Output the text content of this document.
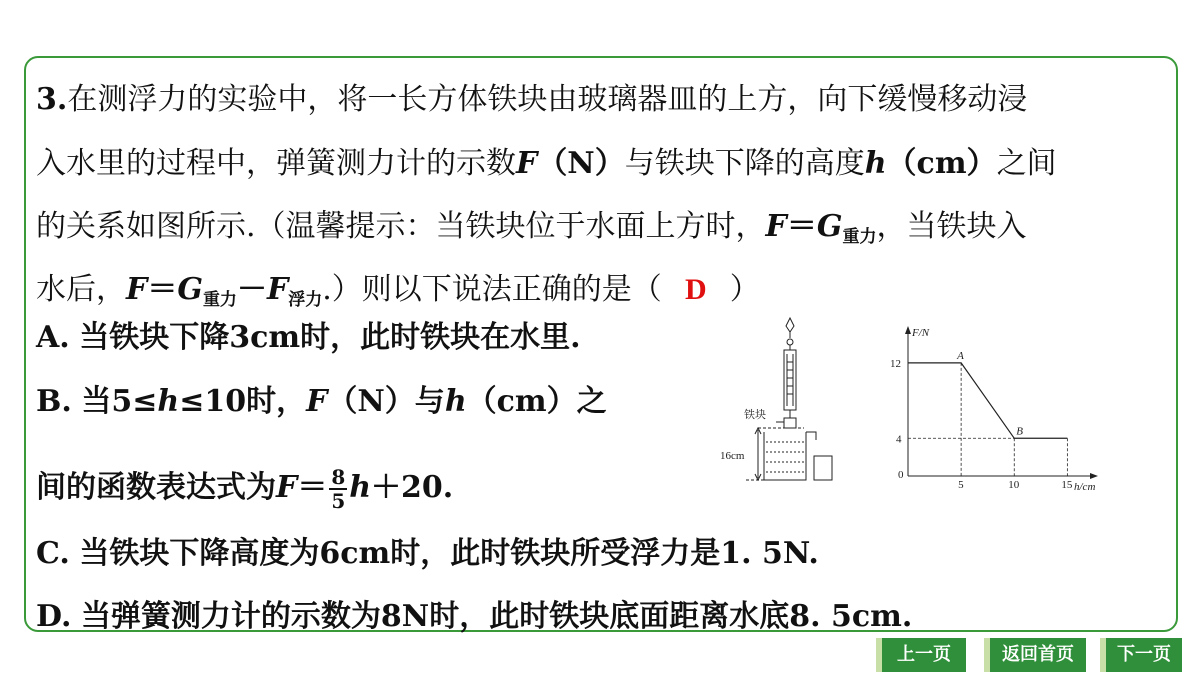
3.在测浮力的实验中，将一长方体铁块由玻璃器皿的上方，向下缓慢移动浸
入水里的过程中，弹簧测力计的示数F（N）与铁块下降的高度h（cm）之间
的关系如图所示.（温馨提示：当铁块位于水面上方时，$F=G_{重力}$，当铁块入
水后，$F=G_{重力}-F_{浮力}$.）则以下说法正确的是（ D ）
A. 当铁块下降3cm时，此时铁块在水里.
B. 当5≤h≤10时，F（N）与h（cm）之
间的函数表达式为$F= \frac{8}{5} h+20$.
C. 当铁块下降高度为6cm时，此时铁块所受浮力是1. 5N.
D. 当弹簧测力计的示数为8N时，此时铁块底面距离水底8. 5cm.
铁块
16cm
F/N
h/cm
0
12
4
5	10	15
A
B
上一页	返回首页	下一页
